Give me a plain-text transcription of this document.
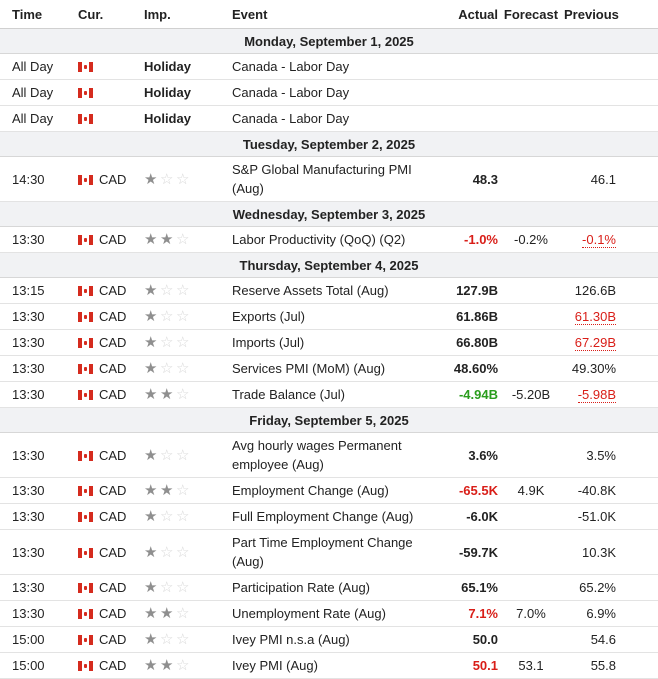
Time	Cur.	Imp.	Event	Actual	Forecast	Previous
Monday, September 1, 2025						
All Day		Holiday	Canada - Labor Day			
All Day		Holiday	Canada - Labor Day			
All Day		Holiday	Canada - Labor Day			
Tuesday, September 2, 2025						
14:30	CAD	★ ☆ ☆	S&P Global Manufacturing PMI (Aug)	48.3		46.1
Wednesday, September 3, 2025						
13:30	CAD	★ ★ ☆	Labor Productivity (QoQ) (Q2)	-1.0%	-0.2%	-0.1%
Thursday, September 4, 2025						
13:15	CAD	★ ☆ ☆	Reserve Assets Total (Aug)	127.9B		126.6B
13:30	CAD	★ ☆ ☆	Exports (Jul)	61.86B		61.30B
13:30	CAD	★ ☆ ☆	Imports (Jul)	66.80B		67.29B
13:30	CAD	★ ☆ ☆	Services PMI (MoM) (Aug)	48.60%		49.30%
13:30	CAD	★ ★ ☆	Trade Balance (Jul)	-4.94B	-5.20B	-5.98B
Friday, September 5, 2025						
13:30	CAD	★ ☆ ☆	Avg hourly wages Permanent employee (Aug)	3.6%		3.5%
13:30	CAD	★ ★ ☆	Employment Change (Aug)	-65.5K	4.9K	-40.8K
13:30	CAD	★ ☆ ☆	Full Employment Change (Aug)	-6.0K		-51.0K
13:30	CAD	★ ☆ ☆	Part Time Employment Change (Aug)	-59.7K		10.3K
13:30	CAD	★ ☆ ☆	Participation Rate (Aug)	65.1%		65.2%
13:30	CAD	★ ★ ☆	Unemployment Rate (Aug)	7.1%	7.0%	6.9%
15:00	CAD	★ ☆ ☆	Ivey PMI n.s.a (Aug)	50.0		54.6
15:00	CAD	★ ★ ☆	Ivey PMI (Aug)	50.1	53.1	55.8
